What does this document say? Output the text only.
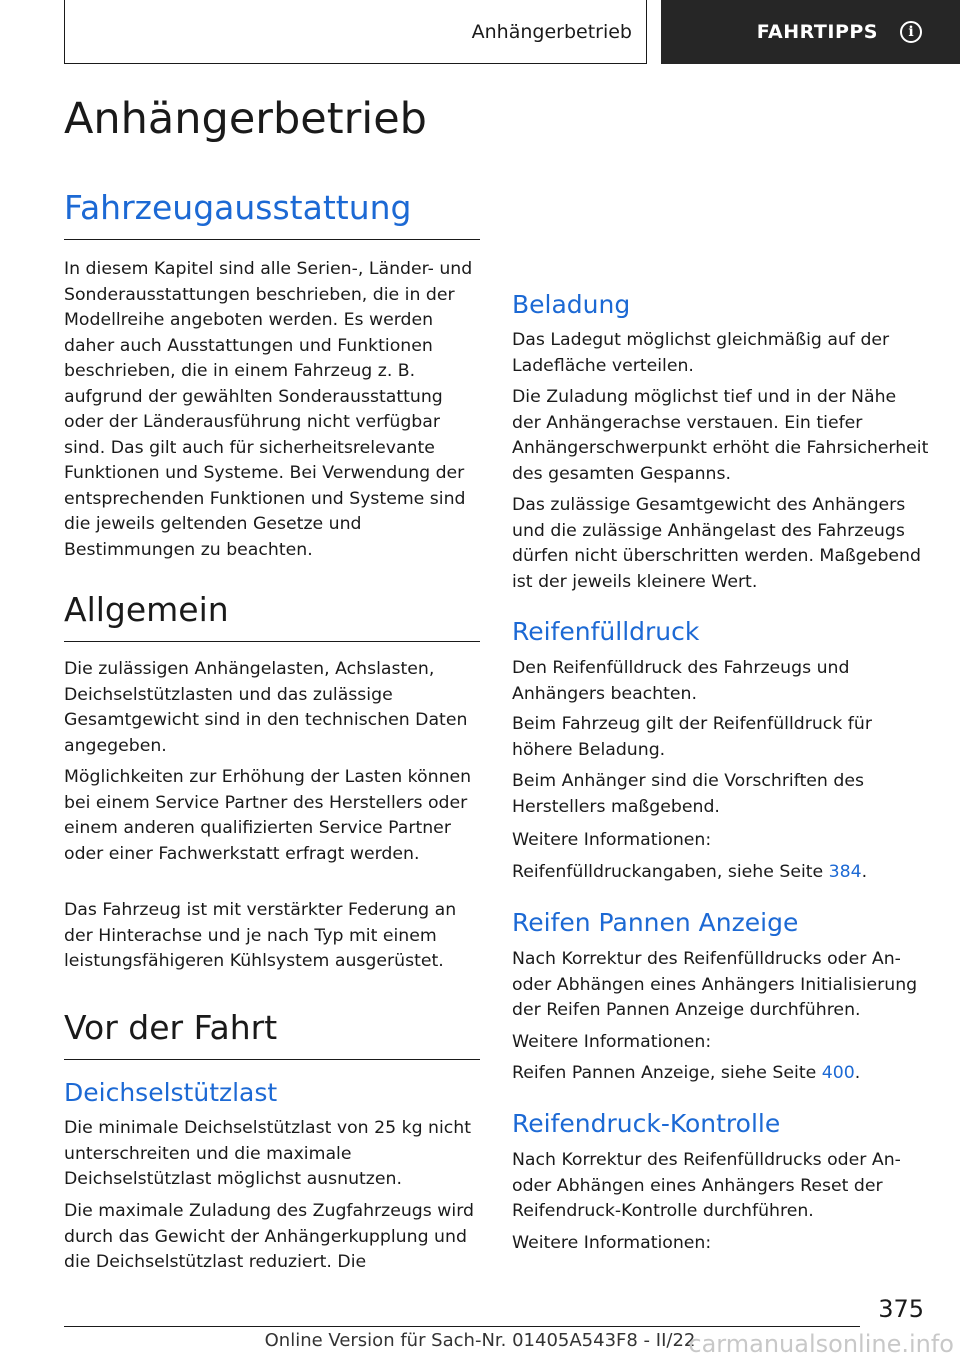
Anhängerbetrieb	FAHRTIPPS	i
Anhängerbetrieb
Fahrzeugausstattung

In diesem Kapitel sind alle Serien-, Länder- und Sonderausstattungen beschrieben, die in der Modellreihe angeboten werden. Es werden daher auch Ausstattungen und Funktionen beschrieben, die in einem Fahrzeug z. B. aufgrund der gewählten Sonderausstattung oder der Länderausführung nicht verfügbar sind. Das gilt auch für sicherheitsrelevante Funktionen und Systeme. Bei Verwendung der entsprechenden Funktionen und Systeme sind die jeweils geltenden Gesetze und Bestimmungen zu beachten.

Allgemein

Die zulässigen Anhängelasten, Achslasten, Deichselstützlasten und das zulässige Gesamtgewicht sind in den technischen Daten angegeben.

Möglichkeiten zur Erhöhung der Lasten können bei einem Service Partner des Herstellers oder einem anderen qualifizierten Service Partner oder einer Fachwerkstatt erfragt werden.

Das Fahrzeug ist mit verstärkter Federung an der Hinterachse und je nach Typ mit einem leistungsfähigeren Kühlsystem ausgerüstet.

Vor der Fahrt
Deichselstützlast

Die minimale Deichselstützlast von 25 kg nicht unterschreiten und die maximale Deichselstützlast möglichst ausnutzen.

Die maximale Zuladung des Zugfahrzeugs wird durch das Gewicht der Anhängerkupplung und die Deichselstützlast reduziert. Die

Beladung

Das Ladegut möglichst gleichmäßig auf der Ladefläche verteilen.

Die Zuladung möglichst tief und in der Nähe der Anhängerachse verstauen. Ein tiefer Anhängerschwerpunkt erhöht die Fahrsicherheit des gesamten Gespanns.

Das zulässige Gesamtgewicht des Anhängers und die zulässige Anhängelast des Fahrzeugs dürfen nicht überschritten werden. Maßgebend ist der jeweils kleinere Wert.

Reifenfülldruck

Den Reifenfülldruck des Fahrzeugs und Anhängers beachten.

Beim Fahrzeug gilt der Reifenfülldruck für höhere Beladung.

Beim Anhänger sind die Vorschriften des Herstellers maßgebend.

Weitere Informationen:

Reifenfülldruckangaben, siehe Seite 384.

Reifen Pannen Anzeige

Nach Korrektur des Reifenfülldrucks oder An- oder Abhängen eines Anhängers Initialisierung der Reifen Pannen Anzeige durchführen.

Weitere Informationen:

Reifen Pannen Anzeige, siehe Seite 400.

Reifendruck-Kontrolle

Nach Korrektur des Reifenfülldrucks oder An- oder Abhängen eines Anhängers Reset der Reifendruck-Kontrolle durchführen.

Weitere Informationen:

375
Online Version für Sach-Nr. 01405A543F8 - II/22
carmanualsonline.info
